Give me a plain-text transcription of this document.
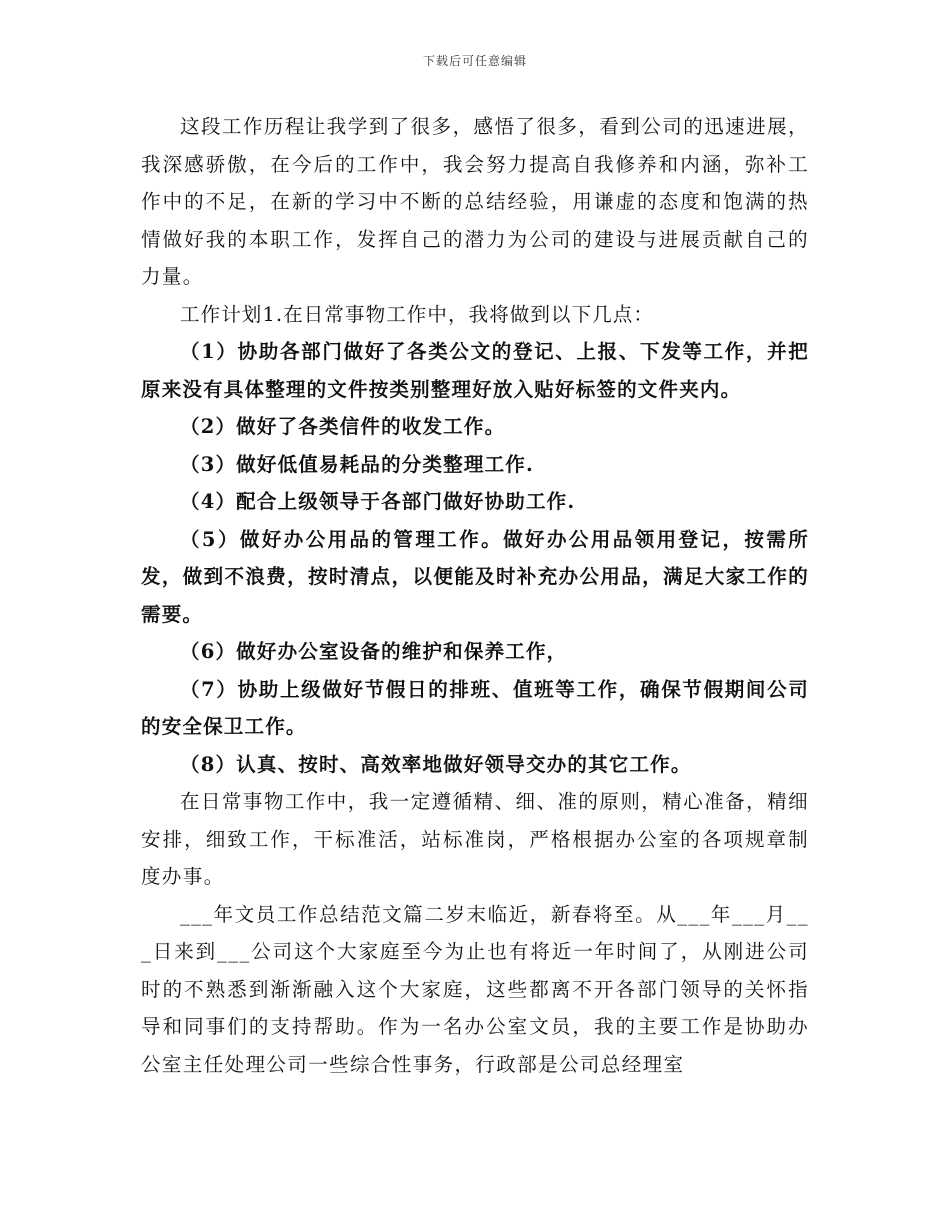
下载后可任意编辑

这段工作历程让我学到了很多，感悟了很多，看到公司的迅速进展，我深感骄傲，在今后的工作中，我会努力提高自我修养和内涵，弥补工作中的不足，在新的学习中不断的总结经验，用谦虚的态度和饱满的热情做好我的本职工作，发挥自己的潜力为公司的建设与进展贡献自己的力量。

工作计划1.在日常事物工作中，我将做到以下几点：

（1）协助各部门做好了各类公文的登记、上报、下发等工作，并把原来没有具体整理的文件按类别整理好放入贴好标签的文件夹内。

（2）做好了各类信件的收发工作。

（3）做好低值易耗品的分类整理工作.

（4）配合上级领导于各部门做好协助工作.

（5）做好办公用品的管理工作。做好办公用品领用登记，按需所发，做到不浪费，按时清点，以便能及时补充办公用品，满足大家工作的需要。

（6）做好办公室设备的维护和保养工作，

（7）协助上级做好节假日的排班、值班等工作，确保节假期间公司的安全保卫工作。

（8）认真、按时、高效率地做好领导交办的其它工作。

在日常事物工作中，我一定遵循精、细、准的原则，精心准备，精细安排，细致工作，干标准活，站标准岗，严格根据办公室的各项规章制度办事。

___年文员工作总结范文篇二岁末临近，新春将至。从___年___月___日来到___公司这个大家庭至今为止也有将近一年时间了，从刚进公司时的不熟悉到渐渐融入这个大家庭，这些都离不开各部门领导的关怀指导和同事们的支持帮助。作为一名办公室文员，我的主要工作是协助办公室主任处理公司一些综合性事务，行政部是公司总经理室
